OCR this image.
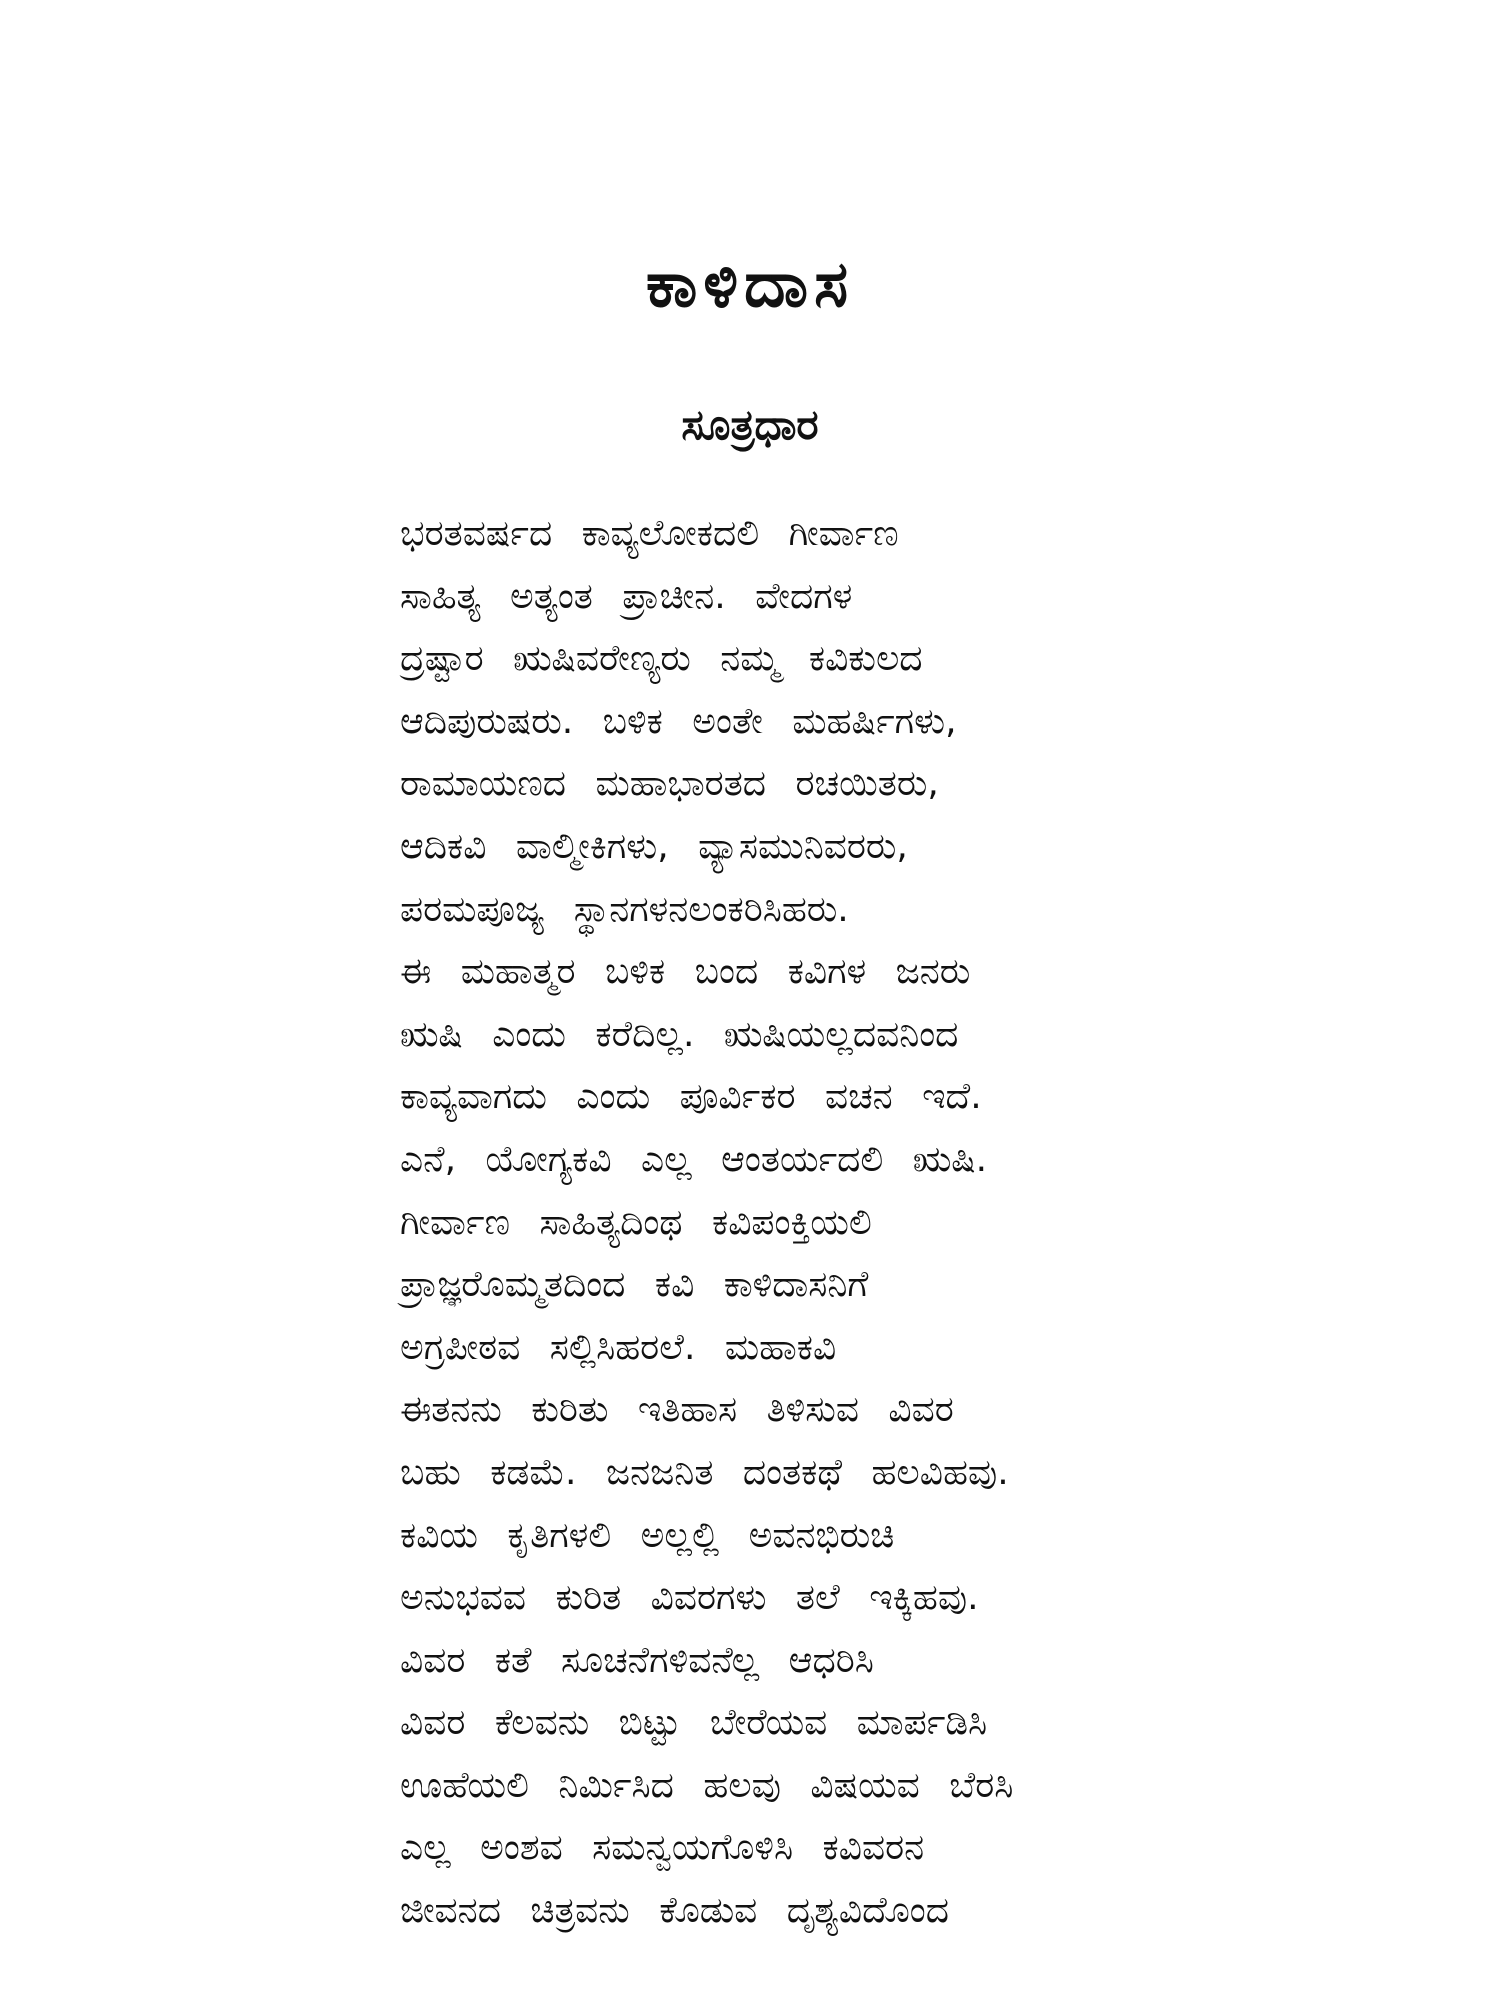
ಕಾಳಿದಾಸ
ಸೂತ್ರಧಾರ
ಭರತವರ್ಷದ ಕಾವ್ಯಲೋಕದಲಿ ಗೀರ್ವಾಣ
ಸಾಹಿತ್ಯ ಅತ್ಯಂತ ಪ್ರಾಚೀನ. ವೇದಗಳ
ದ್ರಷ್ಟಾರ ಋಷಿವರೇಣ್ಯರು ನಮ್ಮ ಕವಿಕುಲದ
ಆದಿಪುರುಷರು. ಬಳಿಕ ಅಂತೇ ಮಹರ್ಷಿಗಳು,
ರಾಮಾಯಣದ ಮಹಾಭಾರತದ ರಚಯಿತರು,
ಆದಿಕವಿ ವಾಲ್ಮೀಕಿಗಳು, ವ್ಯಾಸಮುನಿವರರು,
ಪರಮಪೂಜ್ಯ ಸ್ಥಾನಗಳನಲಂಕರಿಸಿಹರು.
ಈ ಮಹಾತ್ಮರ ಬಳಿಕ ಬಂದ ಕವಿಗಳ ಜನರು
ಋಷಿ ಎಂದು ಕರೆದಿಲ್ಲ. ಋಷಿಯಲ್ಲದವನಿಂದ
ಕಾವ್ಯವಾಗದು ಎಂದು ಪೂರ್ವಿಕರ ವಚನ ಇದೆ.
ಎನೆ, ಯೋಗ್ಯಕವಿ ಎಲ್ಲ ಆಂತರ್ಯದಲಿ ಋಷಿ.
ಗೀರ್ವಾಣ ಸಾಹಿತ್ಯದಿಂಥ ಕವಿಪಂಕ್ತಿಯಲಿ
ಪ್ರಾಜ್ಞರೊಮ್ಮತದಿಂದ ಕವಿ ಕಾಳಿದಾಸನಿಗೆ
ಅಗ್ರಪೀಠವ ಸಲ್ಲಿಸಿಹರಲೆ. ಮಹಾಕವಿ
ಈತನನು ಕುರಿತು ಇತಿಹಾಸ ತಿಳಿಸುವ ವಿವರ
ಬಹು ಕಡಮೆ. ಜನಜನಿತ ದಂತಕಥೆ ಹಲವಿಹವು.
ಕವಿಯ ಕೃತಿಗಳಲಿ ಅಲ್ಲಲ್ಲಿ ಅವನಭಿರುಚಿ
ಅನುಭವವ ಕುರಿತ ವಿವರಗಳು ತಲೆ ಇಕ್ಕಿಹವು.
ವಿವರ ಕತೆ ಸೂಚನೆಗಳಿವನೆಲ್ಲ ಆಧರಿಸಿ
ವಿವರ ಕೆಲವನು ಬಿಟ್ಟು ಬೇರೆಯವ ಮಾರ್ಪಡಿಸಿ
ಊಹೆಯಲಿ ನಿರ್ಮಿಸಿದ ಹಲವು ವಿಷಯವ ಬೆರಸಿ
ಎಲ್ಲ ಅಂಶವ ಸಮನ್ವಯಗೊಳಿಸಿ ಕವಿವರನ
ಜೀವನದ ಚಿತ್ರವನು ಕೊಡುವ ದೃಶ್ಯವಿದೊಂದ
